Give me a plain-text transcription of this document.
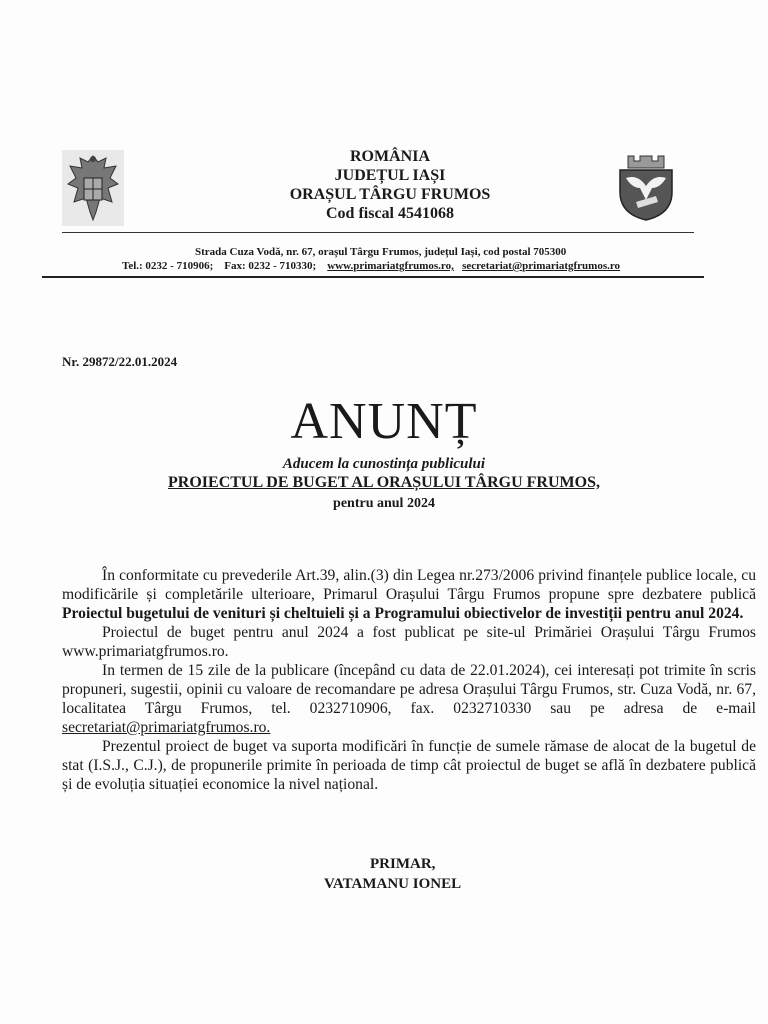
ROMÂNIA
JUDEȚUL IAȘI
ORAȘUL TÂRGU FRUMOS
Cod fiscal 4541068
Strada Cuza Vodă, nr. 67, orașul Târgu Frumos, județul Iași, cod postal 705300
Tel.: 0232 - 710906; Fax: 0232 - 710330; www.primariatgfrumos.ro, secretariat@primariatgfrumos.ro
Nr. 29872/22.01.2024
ANUNȚ
Aducem la cunostința publicului
PROIECTUL DE BUGET AL ORAȘULUI TÂRGU FRUMOS,
pentru anul 2024

În conformitate cu prevederile Art.39, alin.(3) din Legea nr.273/2006 privind finanțele publice locale, cu modificările și completările ulterioare, Primarul Orașului Târgu Frumos propune spre dezbatere publică Proiectul bugetului de venituri și cheltuieli și a Programului obiectivelor de investiții pentru anul 2024.

Proiectul de buget pentru anul 2024 a fost publicat pe site-ul Primăriei Orașului Târgu Frumos www.primariatgfrumos.ro.

In termen de 15 zile de la publicare (începând cu data de 22.01.2024), cei interesați pot trimite în scris propuneri, sugestii, opinii cu valoare de recomandare pe adresa Orașului Târgu Frumos, str. Cuza Vodă, nr. 67, localitatea Târgu Frumos, tel. 0232710906, fax. 0232710330 sau pe adresa de e-mail secretariat@primariatgfrumos.ro.

Prezentul proiect de buget va suporta modificări în funcție de sumele rămase de alocat de la bugetul de stat (I.S.J., C.J.), de propunerile primite în perioada de timp cât proiectul de buget se află în dezbatere publică și de evoluția situației economice la nivel național.

PRIMAR,
VATAMANU IONEL
